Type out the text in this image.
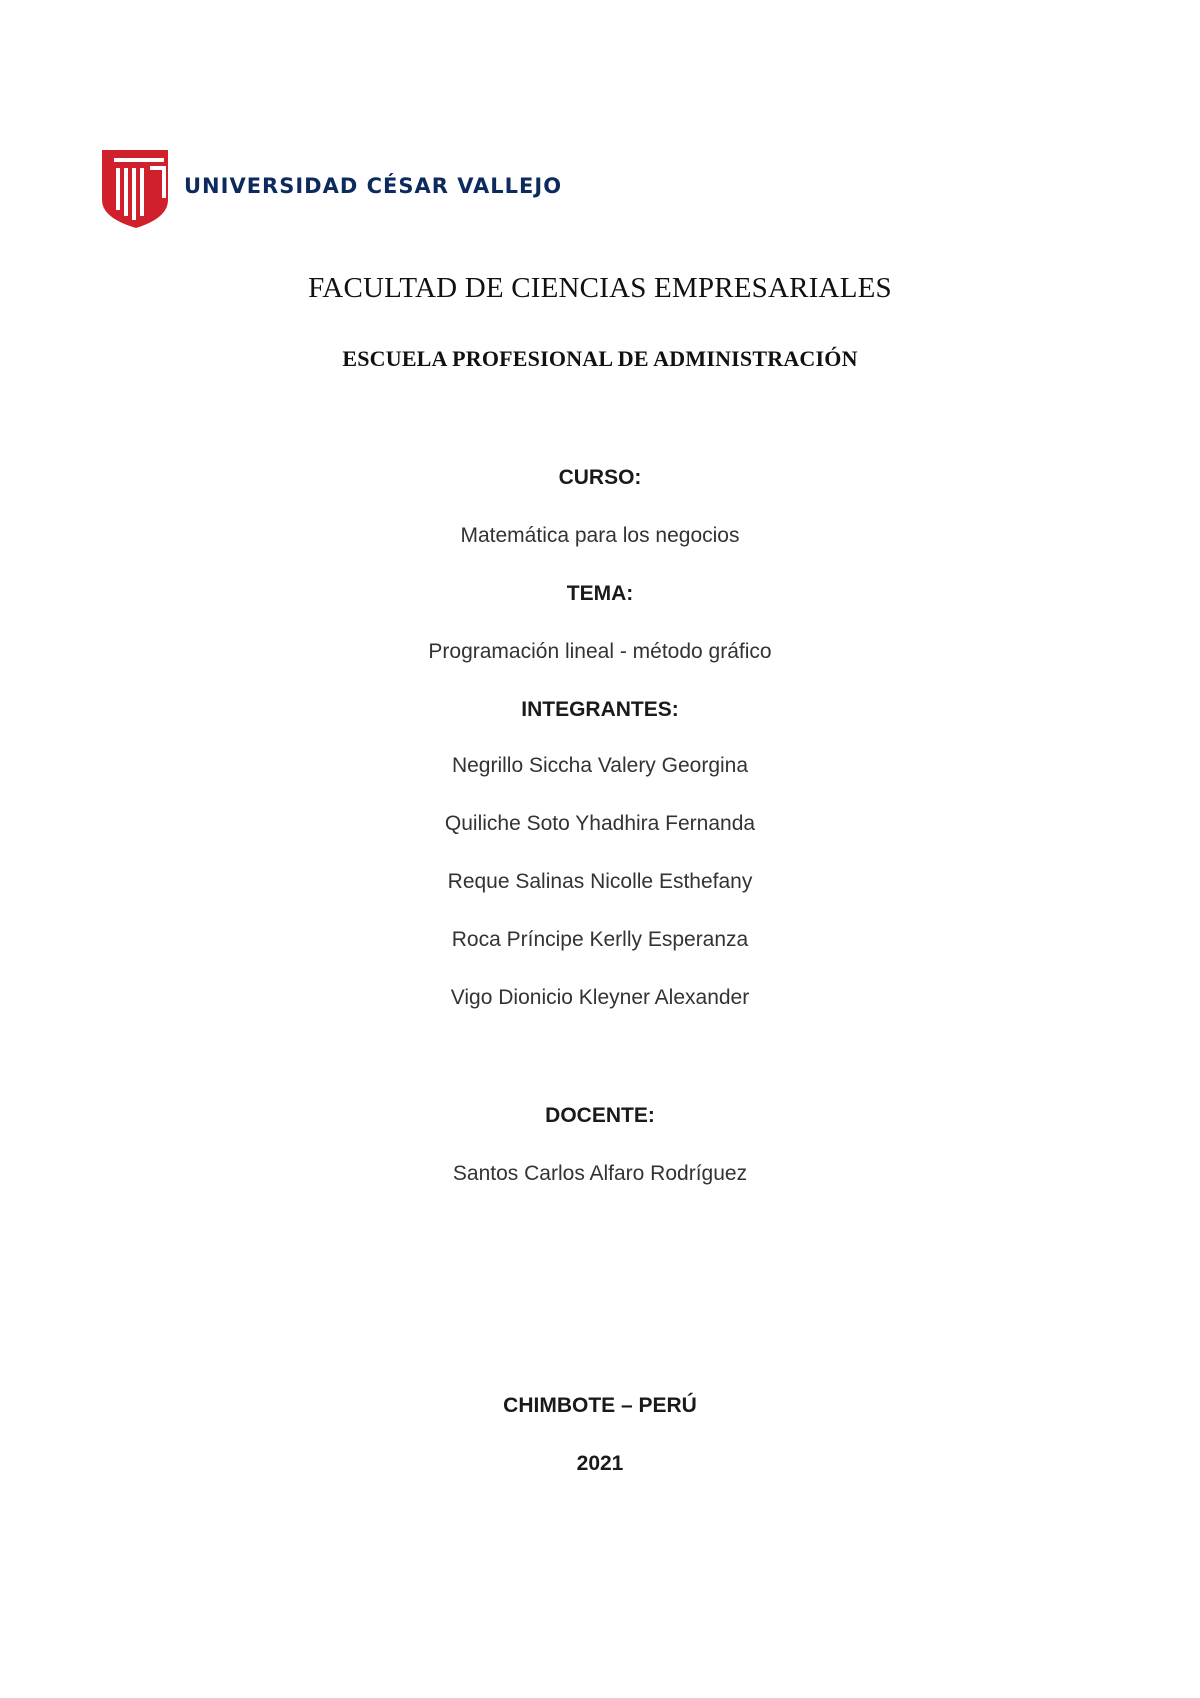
UNIVERSIDAD CÉSAR VALLEJO
FACULTAD DE CIENCIAS EMPRESARIALES
ESCUELA PROFESIONAL DE ADMINISTRACIÓN
CURSO:
Matemática para los negocios
TEMA:
Programación lineal - método gráfico
INTEGRANTES:
Negrillo Siccha Valery Georgina
Quiliche Soto Yhadhira Fernanda
Reque Salinas Nicolle Esthefany
Roca Príncipe Kerlly Esperanza
Vigo Dionicio Kleyner Alexander
DOCENTE:
Santos Carlos Alfaro Rodríguez
CHIMBOTE – PERÚ
2021
